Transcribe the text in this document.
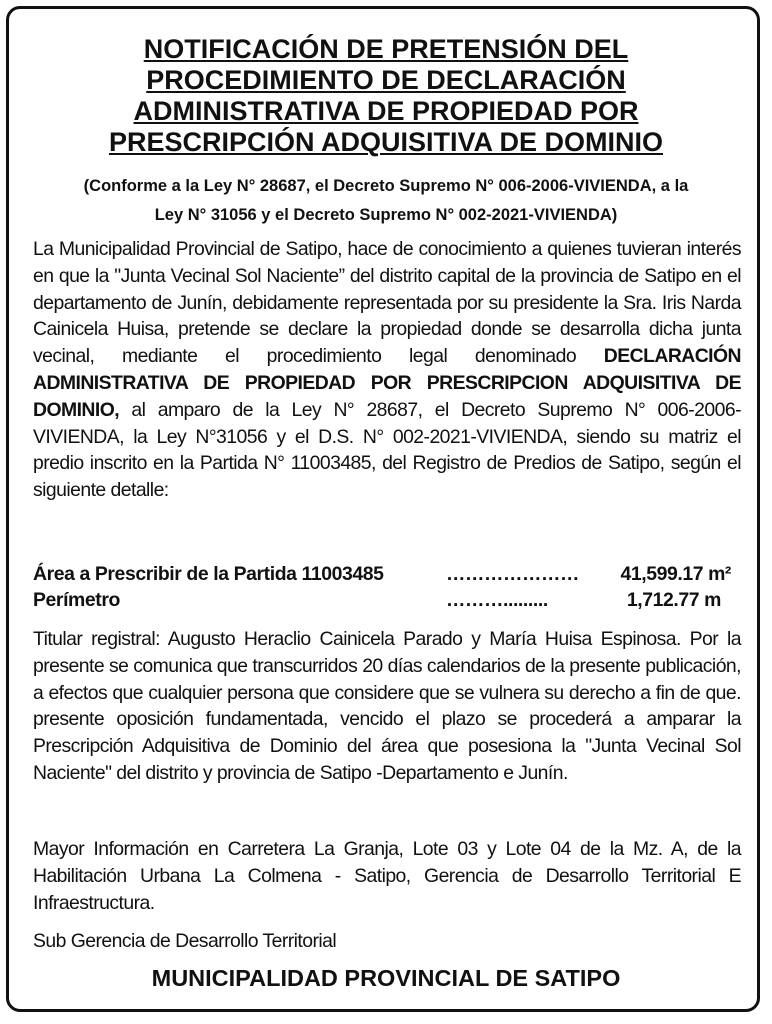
NOTIFICACIÓN DE PRETENSIÓN DEL
PROCEDIMIENTO DE DECLARACIÓN
ADMINISTRATIVA DE PROPIEDAD POR
PRESCRIPCIÓN ADQUISITIVA DE DOMINIO

(Conforme a la Ley N° 28687, el Decreto Supremo N° 006-2006-VIVIENDA, a la
Ley N° 31056 y el Decreto Supremo N° 002-2021-VIVIENDA)

La Municipalidad Provincial de Satipo, hace de conocimiento a quienes tuvieran interés en que la "Junta Vecinal Sol Naciente” del distrito capital de la provincia de Satipo en el departamento de Junín, debidamente representada por su presidente la Sra. Iris Narda Cainicela Huisa, pretende se declare la propiedad donde se desarrolla dicha junta vecinal, mediante el procedimiento legal denominado DECLARACIÓN ADMINISTRATIVA DE PROPIEDAD POR PRESCRIPCION ADQUISITIVA DE DOMINIO, al amparo de la Ley N° 28687, el Decreto Supremo N° 006-2006-VIVIENDA, la Ley N°31056 y el D.S. N° 002-2021-VIVIENDA, siendo su matriz el predio inscrito en la Partida N° 11003485, del Registro de Predios de Satipo, según el siguiente detalle:

Área a Prescribir de la Partida 11003485	………………… 41,599.17 m²
Perímetro	……….........	1,712.77 m

Titular registral: Augusto Heraclio Cainicela Parado y María Huisa Espinosa. Por la presente se comunica que transcurridos 20 días calendarios de la presente publicación, a efectos que cualquier persona que considere que se vulnera su derecho a fin de que. presente oposición fundamentada, vencido el plazo se procederá a amparar la Prescripción Adquisitiva de Dominio del área que posesiona la "Junta Vecinal Sol Naciente" del distrito y provincia de Satipo -Departamento e Junín.

Mayor Información en Carretera La Granja, Lote 03 y Lote 04 de la Mz. A, de la Habilitación Urbana La Colmena - Satipo, Gerencia de Desarrollo Territorial E Infraestructura.

Sub Gerencia de Desarrollo Territorial

MUNICIPALIDAD PROVINCIAL DE SATIPO
